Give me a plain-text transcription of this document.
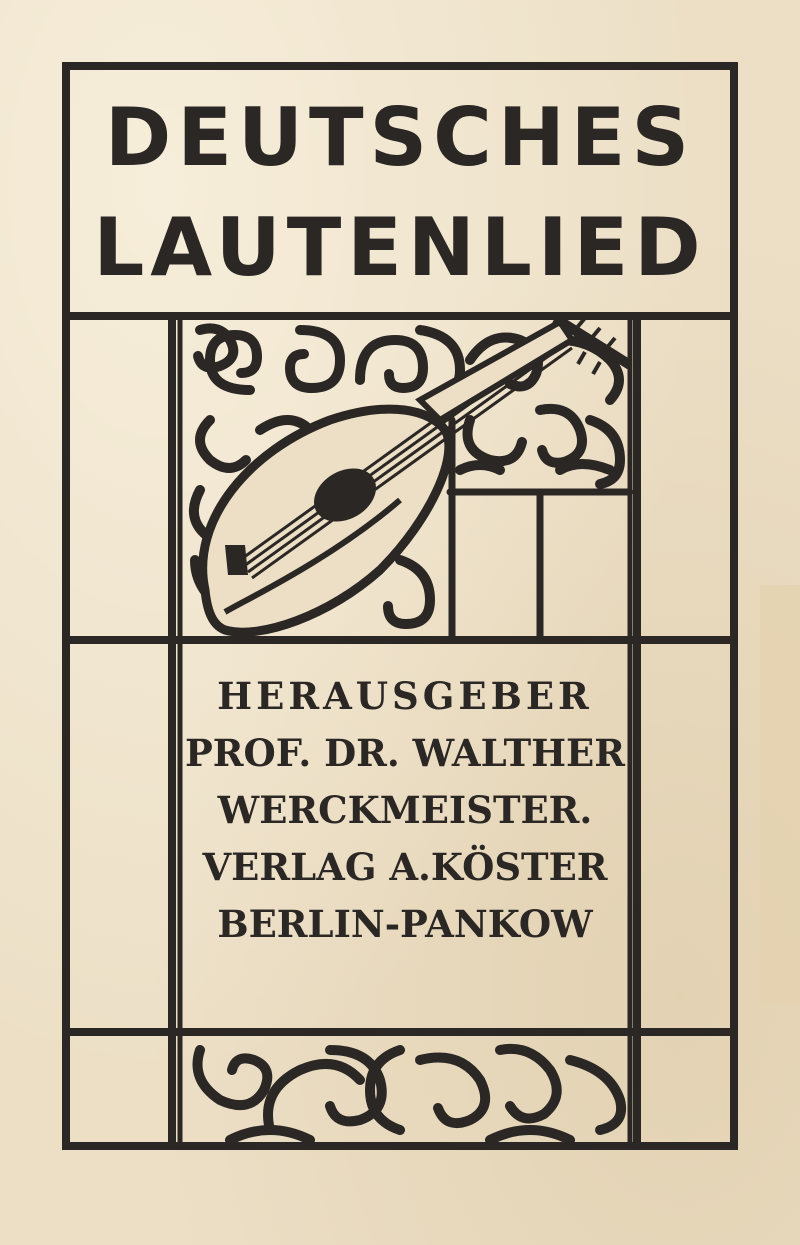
DEUTSCHES
LAUTENLIED
HERAUSGEBER
PROF. DR. WALTHER
WERCKMEISTER.
VERLAG A.KÖSTER
BERLIN-PANKOW
